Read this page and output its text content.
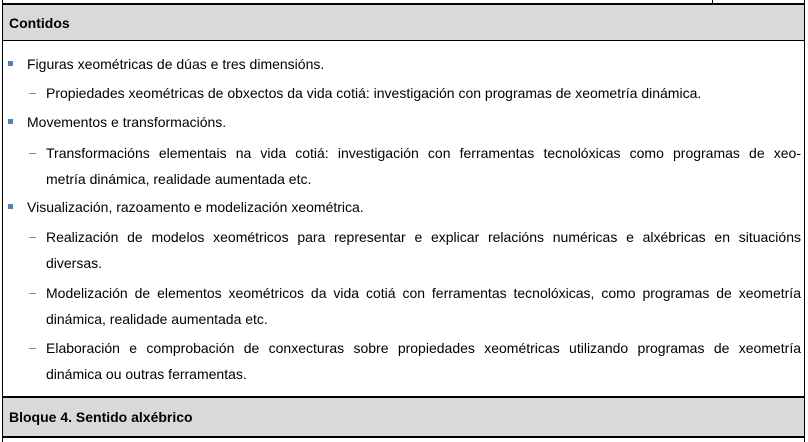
Contidos
Figuras xeométricas de dúas e tres dimensións.
– Propiedades xeométricas de obxectos da vida cotiá: investigación con programas de xeometría dinámica.
Movementos e transformacións.
– Transformacións elementais na vida cotiá: investigación con ferramentas tecnolóxicas como programas de xeo-
metría dinámica, realidade aumentada etc.
Visualización, razoamento e modelización xeométrica.
– Realización de modelos xeométricos para representar e explicar relacións numéricas e alxébricas en situacións
diversas.
– Modelización de elementos xeométricos da vida cotiá con ferramentas tecnolóxicas, como programas de xeometría
dinámica, realidade aumentada etc.
– Elaboración e comprobación de conxecturas sobre propiedades xeométricas utilizando programas de xeometría
dinámica ou outras ferramentas.
Bloque 4. Sentido alxébrico
